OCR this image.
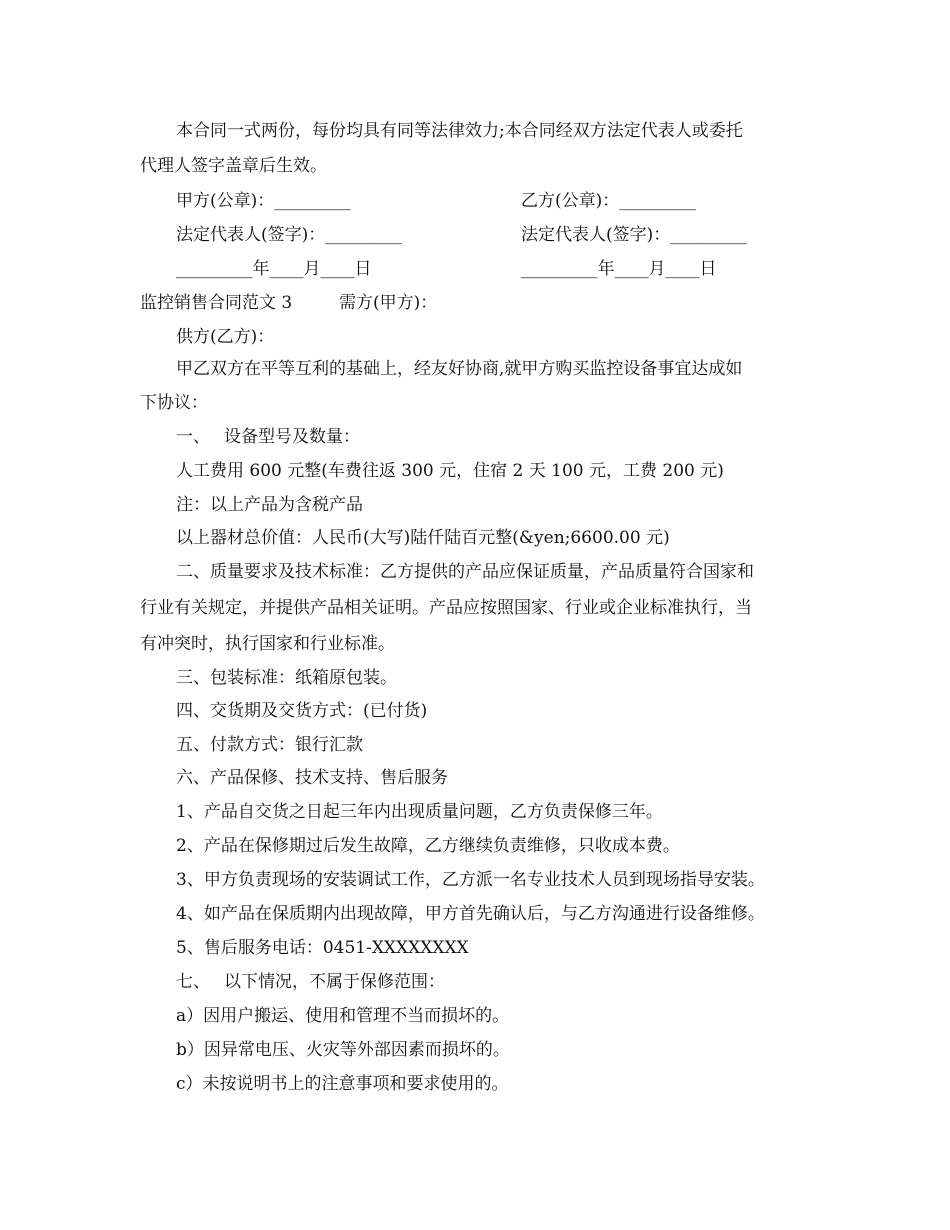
本合同一式两份，每份均具有同等法律效力;本合同经双方法定代表人或委托
代理人签字盖章后生效。
甲方(公章)：_________	乙方(公章)：_________
法定代表人(签字)：_________	法定代表人(签字)：_________
_________年____月____日	_________年____月____日
监控销售合同范文 3	需方(甲方)：
供方(乙方)：
甲乙双方在平等互利的基础上，经友好协商,就甲方购买监控设备事宜达成如
下协议：
一、 设备型号及数量：
人工费用 600 元整(车费往返 300 元，住宿 2 天 100 元，工费 200 元)
注：以上产品为含税产品
以上器材总价值：人民币(大写)陆仟陆百元整(&yen;6600.00 元)
二、质量要求及技术标准：乙方提供的产品应保证质量，产品质量符合国家和
行业有关规定，并提供产品相关证明。产品应按照国家、行业或企业标准执行，当
有冲突时，执行国家和行业标准。
三、包装标准：纸箱原包装。
四、交货期及交货方式：(已付货)
五、付款方式：银行汇款
六、产品保修、技术支持、售后服务
1、产品自交货之日起三年内出现质量问题，乙方负责保修三年。
2、产品在保修期过后发生故障，乙方继续负责维修，只收成本费。
3、甲方负责现场的安装调试工作，乙方派一名专业技术人员到现场指导安装。
4、如产品在保质期内出现故障，甲方首先确认后，与乙方沟通进行设备维修。
5、售后服务电话：0451-XXXXXXXX
七、 以下情况，不属于保修范围：
a）因用户搬运、使用和管理不当而损坏的。
b）因异常电压、火灾等外部因素而损坏的。
c）未按说明书上的注意事项和要求使用的。
